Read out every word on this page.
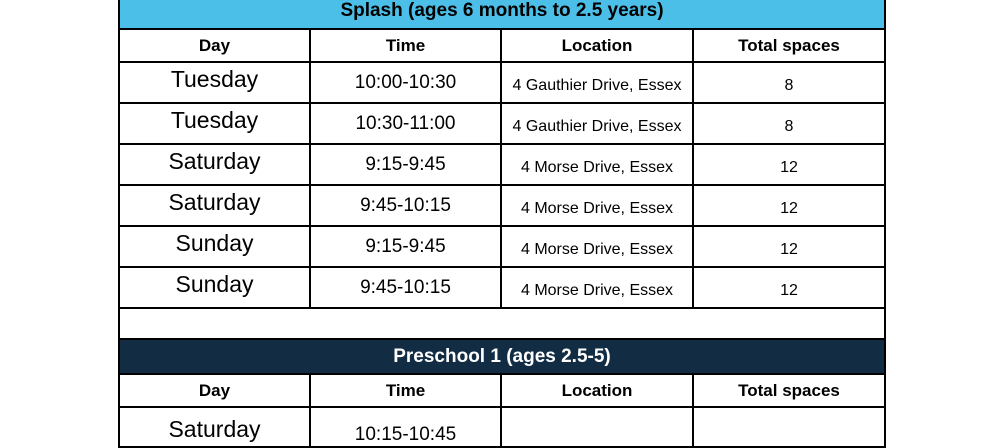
Splash (ages 6 months to 2.5 years)			
Day	Time	Location	Total spaces
Tuesday	10:00-10:30	4 Gauthier Drive, Essex	8
Tuesday	10:30-11:00	4 Gauthier Drive, Essex	8
Saturday	9:15-9:45	4 Morse Drive, Essex	12
Saturday	9:45-10:15	4 Morse Drive, Essex	12
Sunday	9:15-9:45	4 Morse Drive, Essex	12
Sunday	9:45-10:15	4 Morse Drive, Essex	12

Preschool 1 (ages 2.5-5)			
Day	Time	Location	Total spaces
Saturday	10:15-10:45		
